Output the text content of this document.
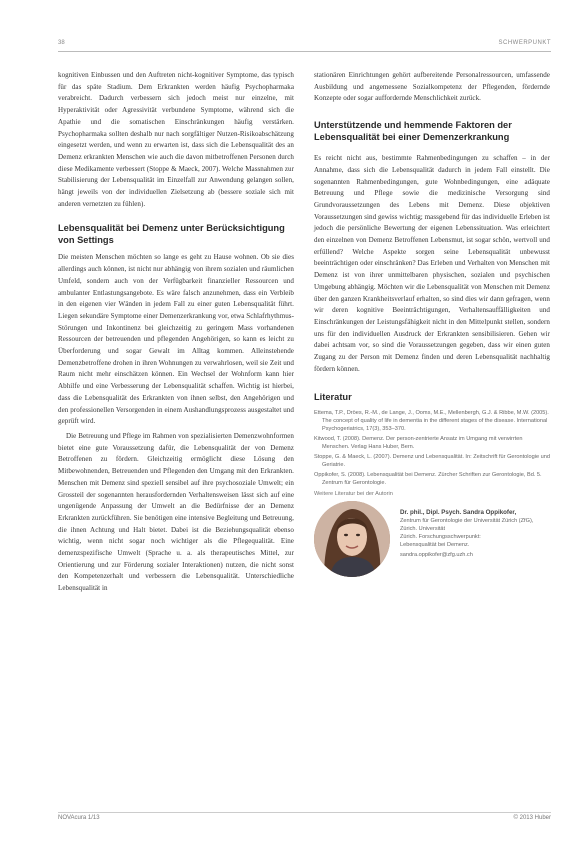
38	SCHWERPUNKT

kognitiven Einbussen und den Auftreten nicht-kognitiver Symptome, das typisch für das späte Stadium. Dem Erkrankten werden häufig Psychopharmaka verabreicht. Dadurch verbessern sich jedoch meist nur einzelne, mit Hyperaktivität oder Agressivität verbundene Symptome, während sich die Apathie und die somatischen Einschränkungen häufig verstärken. Psychopharmaka sollten deshalb nur nach sorgfältiger Nutzen-Risikoabschätzung eingesetzt werden, und wenn zu erwarten ist, dass sich die Lebensqualität des an Demenz erkrankten Menschen wie auch die davon mitbetroffenen Personen durch diese Medikamente verbessert (Stoppe & Maeck, 2007). Welche Massnahmen zur Stabilisierung der Lebensqualität im Einzelfall zur Anwendung gelangen sollen, hängt jeweils von der individuellen Zielsetzung ab (bessere soziale sich mit anderen vernetzten zu fühlen).

Lebensqualität bei Demenz unter Berücksichtigung von Settings

Die meisten Menschen möchten so lange es geht zu Hause wohnen. Ob sie dies allerdings auch können, ist nicht nur abhängig von ihrem sozialen und räumlichen Umfeld, sondern auch von der Verfügbarkeit finanzieller Ressourcen und ambulanter Entlastungsangebote. Es wäre falsch anzunehmen, dass ein Verbleib in den eigenen vier Wänden in jedem Fall zu einer guten Lebensqualität führt. Liegen sekundäre Symptome einer Demenzerkrankung vor, etwa Schlafrhythmus-Störungen und Inkontinenz bei gleichzeitig zu geringem Mass vorhandenen Ressourcen der betreuenden und pflegenden Angehörigen, so kann es leicht zu Überforderung und sogar Gewalt im Alltag kommen. Alleinstehende Demenzbetroffene drohen in ihren Wohnungen zu verwahrlosen, weil sie Zeit und Raum nicht mehr einschätzen können. Ein Wechsel der Wohnform kann hier Abhilfe und eine Verbesserung der Lebensqualität schaffen. Wichtig ist hierbei, dass die Lebensqualität des Erkrankten von ihnen selbst, den Angehörigen und den professionellen Versorgenden in einem Aushandlungsprozess ausgestaltet und geprüft wird.

Die Betreuung und Pflege im Rahmen von spezialisierten Demenzwohnformen bietet eine gute Voraussetzung dafür, die Lebensqualität der von Demenz Betroffenen zu fördern. Gleichzeitig ermöglicht diese Lösung den Mitbewohnenden, Betreuenden und Pflegenden den Umgang mit den Erkrankten. Menschen mit Demenz sind speziell sensibel auf ihre psychosoziale Umwelt; ein Grossteil der sogenannten herausfordernden Verhaltensweisen lässt sich auf eine ungenügende Anpassung der Umwelt an die Bedürfnisse der an Demenz Erkrankten zurückführen. Sie benötigen eine intensive Begleitung und Betreuung, die ihnen Achtung und Halt bietet. Dabei ist die Beziehungsqualität ebenso wichtig, wenn nicht sogar noch wichtiger als die Pflegequalität. Eine demenzspezifische Umwelt (Sprache u. a. als therapeutisches Mittel, zur Orientierung und zur Förderung sozialer Interaktionen) nutzen, die nicht sonst den Kompetenzerhalt und verbessern die Lebensqualität. Unterschiedliche Lebensqualität in

stationären Einrichtungen gehört aufbereitende Personalressourcen, umfassende Ausbildung und angemessene Sozialkompetenz der Pflegenden, fördernde Konzepte oder sogar auffordernde Menschlichkeit zurück.

Unterstützende und hemmende Faktoren der Lebensqualität bei einer Demenzerkrankung

Es reicht nicht aus, bestimmte Rahmenbedingungen zu schaffen – in der Annahme, dass sich die Lebensqualität dadurch in jedem Fall einstellt. Die sogenannten Rahmenbedingungen, gute Wohnbedingungen, eine adäquate Betreuung und Pflege sowie die medizinische Versorgung sind Grundvoraussetzungen des Lebens mit Demenz. Diese objektiven Voraussetzungen sind gewiss wichtig; massgebend für das individuelle Erleben ist jedoch die persönliche Bewertung der eigenen Lebenssituation. Was erleichtert den einzelnen von Demenz Betroffenen Lebensmut, ist sogar schön, wertvoll und erfüllend? Welche Aspekte sorgen seine Lebensqualität unbewusst beeinträchtigen oder einschränken? Das Erleben und Verhalten von Menschen mit Demenz ist von ihrer unmittelbaren physischen, sozialen und psychischen Umgebung abhängig. Möchten wir die Lebensqualität von Menschen mit Demenz über den ganzen Krankheitsverlauf erhalten, so sind dies wir dann gefragen, wenn wir deren kognitive Beeinträchtigungen, Verhaltensauffälligkeiten und Einschränkungen der Leistungsfähigkeit nicht in den Mittelpunkt stellen, sondern uns für den individuellen Ausdruck der Erkrankten sensibilisieren. Gehen wir dabei achtsam vor, so sind die Voraussetzungen gegeben, dass wir einen guten Zugang zu der Person mit Demenz finden und deren Lebensqualität nachhaltig fördern können.

Literatur
Ettema, T.P., Dröes, R.-M., de Lange, J., Ooms, M.E., Mellenbergh, G.J. & Ribbe, M.W. (2005). The concept of quality of life in dementia in the different stages of the disease. International Psychogeriatrics, 17(3), 353–370.
Kitwood, T. (2008). Demenz. Der person-zentrierte Ansatz im Umgang mit verwirrten Menschen. Verlag Hans Huber, Bern.
Stoppe, G. & Maeck, L. (2007). Demenz und Lebensqualität. In: Zeitschrift für Gerontologie und Geriatrie.
Oppikofer, S. (2008). Lebensqualität bei Demenz. Zürcher Schriften zur Gerontologie, Bd. 5. Zentrum für Gerontologie.
Weitere Literatur bei der Autorin
Dr. phil., Dipl. Psych. Sandra Oppikofer,
Zentrum für Gerontologie der Universität Zürich (ZfG), Zürich. Universität
Zürich. Forschungsschwerpunkt:
Lebensqualität bei Demenz.
sandra.oppikofer@zfg.uzh.ch
NOVAcura 1/13	© 2013 Huber
